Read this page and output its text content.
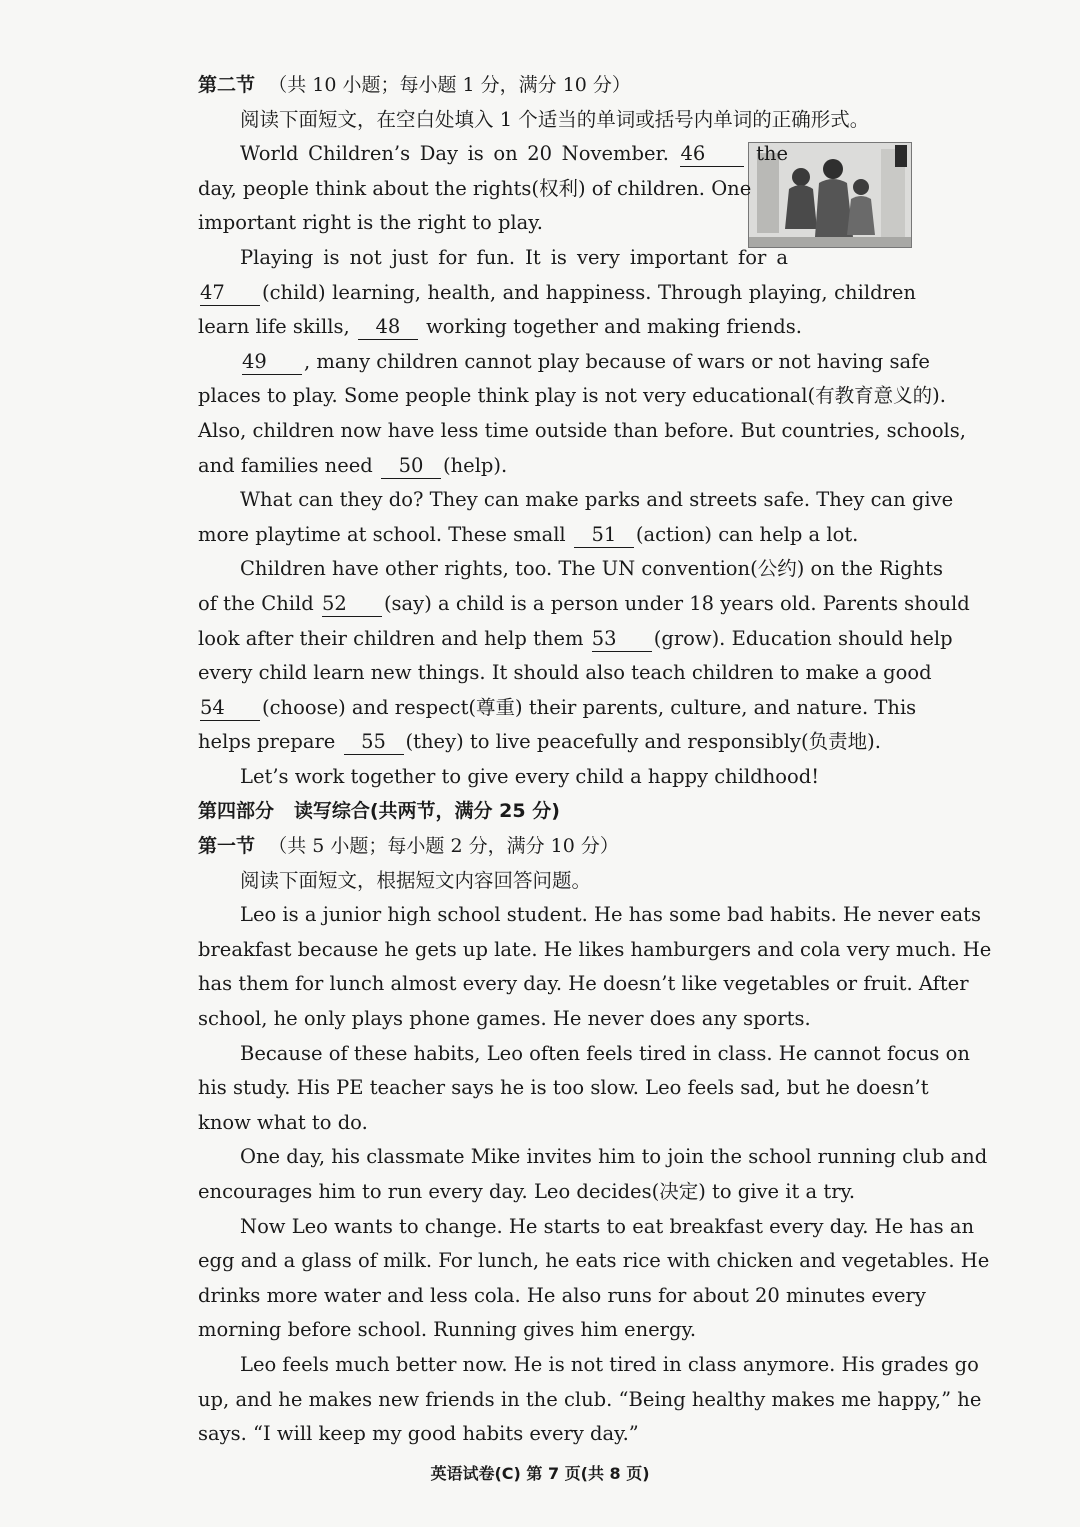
第二节 （共 10 小题；每小题 1 分，满分 10 分）
阅读下面短文，在空白处填入 1 个适当的单词或括号内单词的正确形式。
World Children’s Day is on 20 November. 46	the
day, people think about the rights(权利) of children. One
important right is the right to play.
Playing is not just for fun. It is very important for a
47 (child) learning, health, and happiness. Through playing, children
learn life skills, 48 working together and making friends.
49 , many children cannot play because of wars or not having safe
places to play. Some people think play is not very educational(有教育意义的).
Also, children now have less time outside than before. But countries, schools,
and families need 50 (help).
What can they do? They can make parks and streets safe. They can give
more playtime at school. These small 51 (action) can help a lot.
Children have other rights, too. The UN convention(公约) on the Rights
of the Child 52 (say) a child is a person under 18 years old. Parents should
look after their children and help them 53 (grow). Education should help
every child learn new things. It should also teach children to make a good
54 (choose) and respect(尊重) their parents, culture, and nature. This
helps prepare 55 (they) to live peacefully and responsibly(负责地).
Let’s work together to give every child a happy childhood!
第四部分 读写综合(共两节，满分 25 分)
第一节 （共 5 小题；每小题 2 分，满分 10 分）
阅读下面短文，根据短文内容回答问题。
Leo is a junior high school student. He has some bad habits. He never eats
breakfast because he gets up late. He likes hamburgers and cola very much. He
has them for lunch almost every day. He doesn’t like vegetables or fruit. After
school, he only plays phone games. He never does any sports.
Because of these habits, Leo often feels tired in class. He cannot focus on
his study. His PE teacher says he is too slow. Leo feels sad, but he doesn’t
know what to do.
One day, his classmate Mike invites him to join the school running club and
encourages him to run every day. Leo decides(决定) to give it a try.
Now Leo wants to change. He starts to eat breakfast every day. He has an
egg and a glass of milk. For lunch, he eats rice with chicken and vegetables. He
drinks more water and less cola. He also runs for about 20 minutes every
morning before school. Running gives him energy.
Leo feels much better now. He is not tired in class anymore. His grades go
up, and he makes new friends in the club. “Being healthy makes me happy,” he
says. “I will keep my good habits every day.”
英语试卷(C) 第 7 页(共 8 页)
